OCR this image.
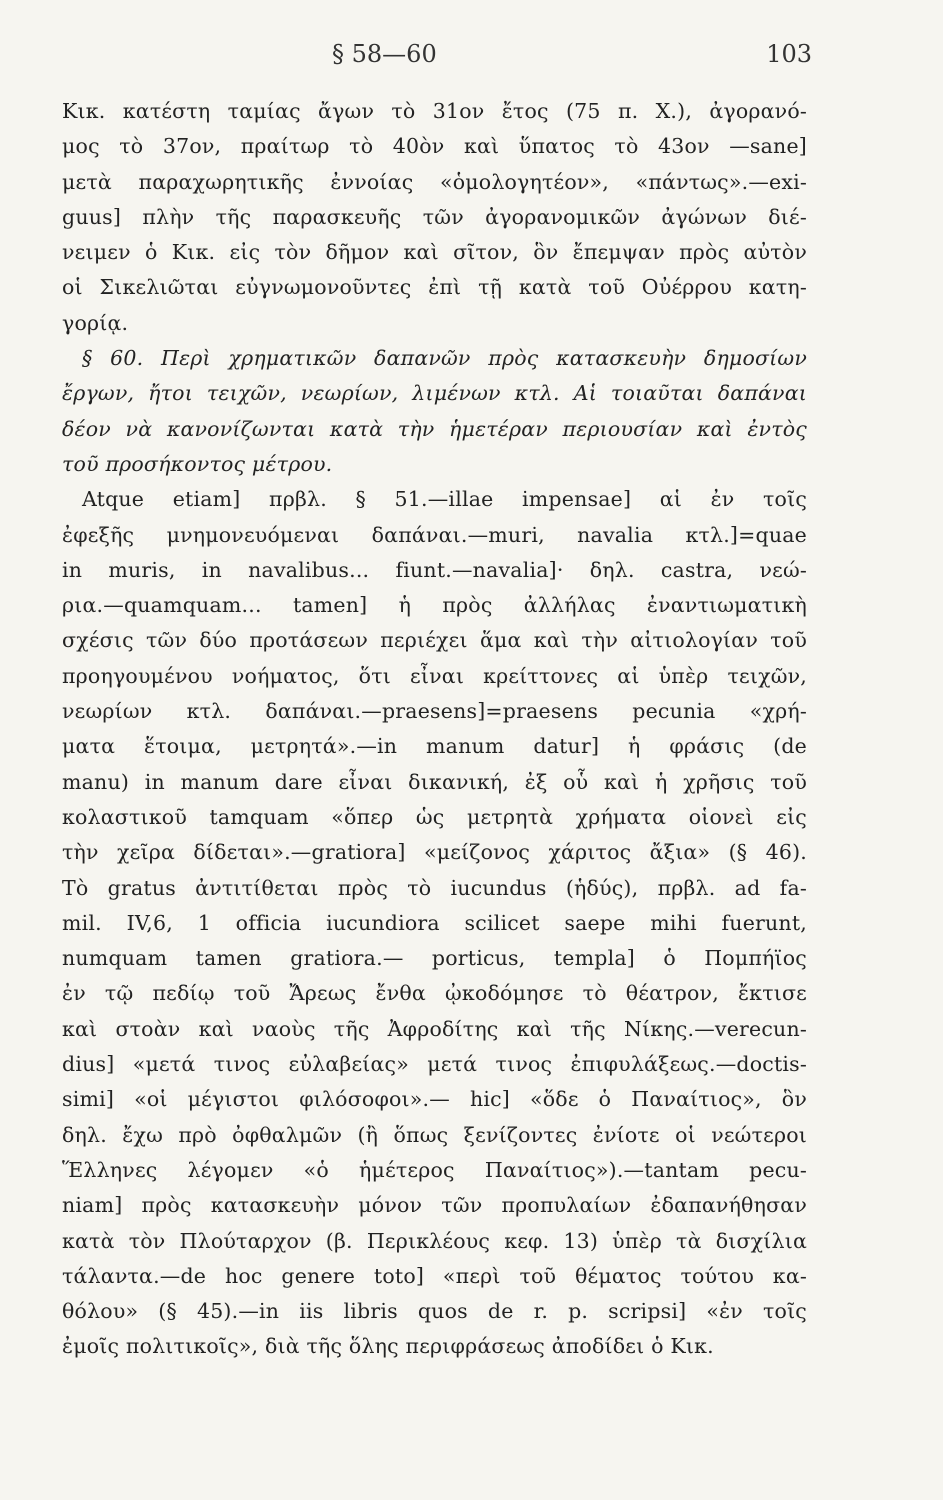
§ 58—60	103
Κικ. κατέστη ταμίας ἄγων τὸ 31ον ἔτος (75 π. Χ.), ἀγορανό-
μος τὸ 37ον, πραίτωρ τὸ 40ὸν καὶ ὕπατος τὸ 43ον —sane]
μετὰ παραχωρητικῆς ἐννοίας «ὁμολογητέον», «πάντως».—exi-
guus] πλὴν τῆς παρασκευῆς τῶν ἀγορανομικῶν ἀγώνων διέ-
νειμεν ὁ Κικ. εἰς τὸν δῆμον καὶ σῖτον, ὃν ἔπεμψαν πρὸς αὐτὸν
οἱ Σικελιῶται εὐγνωμονοῦντες ἐπὶ τῇ κατὰ τοῦ Οὐέρρου κατη-
γορίᾳ.
§ 60. Περὶ χρηματικῶν δαπανῶν πρὸς κατασκευὴν δημοσίων
ἔργων, ἤτοι τειχῶν, νεωρίων, λιμένων κτλ. Αἱ τοιαῦται δαπάναι
δέον νὰ κανονίζωνται κατὰ τὴν ἡμετέραν περιουσίαν καὶ ἐντὸς
τοῦ προσήκοντος μέτρου.
Atque etiam] πρβλ. § 51.—illae impensae] αἱ ἐν τοῖς
ἐφεξῆς μνημονευόμεναι δαπάναι.—muri, navalia κτλ.]=quae
in muris, in navalibus... fiunt.—navalia]· δηλ. castra, νεώ-
ρια.—quamquam... tamen] ἡ πρὸς ἀλλήλας ἐναντιωματικὴ
σχέσις τῶν δύο προτάσεων περιέχει ἅμα καὶ τὴν αἰτιολογίαν τοῦ
προηγουμένου νοήματος, ὅτι εἶναι κρείττονες αἱ ὑπὲρ τειχῶν,
νεωρίων κτλ. δαπάναι.—praesens]=praesens pecunia «χρή-
ματα ἕτοιμα, μετρητά».—in manum datur] ἡ φράσις (de
manu) in manum dare εἶναι δικανική, ἐξ οὗ καὶ ἡ χρῆσις τοῦ
κολαστικοῦ tamquam «ὅπερ ὡς μετρητὰ χρήματα οἱονεὶ εἰς
τὴν χεῖρα δίδεται».—gratiora] «μείζονος χάριτος ἄξια» (§ 46).
Τὸ gratus ἀντιτίθεται πρὸς τὸ iucundus (ἡδύς), πρβλ. ad fa-
mil. IV,6, 1 officia iucundiora scilicet saepe mihi fuerunt,
numquam tamen gratiora.— porticus, templa] ὁ Πομπήϊος
ἐν τῷ πεδίῳ τοῦ Ἄρεως ἔνθα ᾠκοδόμησε τὸ θέατρον, ἔκτισε
καὶ στοὰν καὶ ναοὺς τῆς Ἀφροδίτης καὶ τῆς Νίκης.—verecun-
dius] «μετά τινος εὐλαβείας» μετά τινος ἐπιφυλάξεως.—doctis-
simi] «οἱ μέγιστοι φιλόσοφοι».— hic] «ὅδε ὁ Παναίτιος», ὃν
δηλ. ἔχω πρὸ ὀφθαλμῶν (ἢ ὅπως ξενίζοντες ἐνίοτε οἱ νεώτεροι
Ἕλληνες λέγομεν «ὁ ἡμέτερος Παναίτιος»).—tantam pecu-
niam] πρὸς κατασκευὴν μόνον τῶν προπυλαίων ἐδαπανήθησαν
κατὰ τὸν Πλούταρχον (β. Περικλέους κεφ. 13) ὑπὲρ τὰ δισχίλια
τάλαντα.—de hoc genere toto] «περὶ τοῦ θέματος τούτου κα-
θόλου» (§ 45).—in iis libris quos de r. p. scripsi] «ἐν τοῖς
ἐμοῖς πολιτικοῖς», διὰ τῆς ὅλης περιφράσεως ἀποδίδει ὁ Κικ.
